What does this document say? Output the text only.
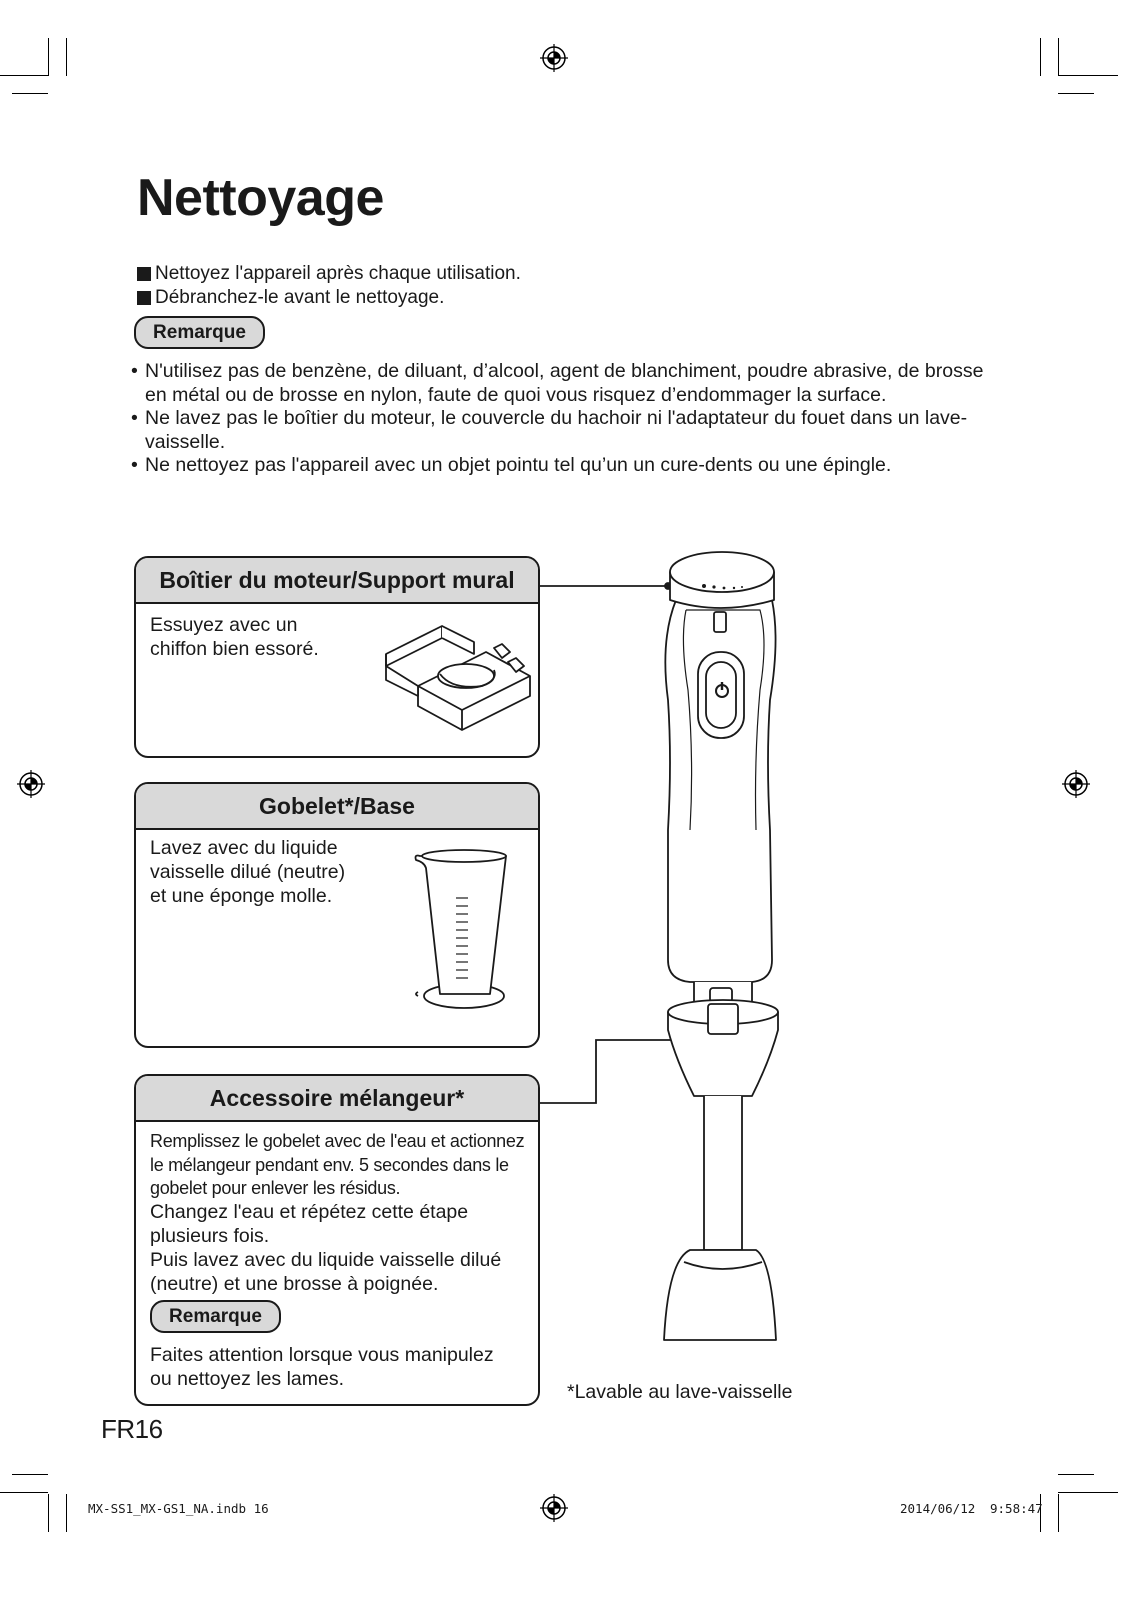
Nettoyage
Nettoyez l'appareil après chaque utilisation.
Débranchez-le avant le nettoyage.
Remarque
• N'utilisez pas de benzène, de diluant, d’alcool, agent de blanchiment, poudre abrasive, de brosse en métal ou de brosse en nylon, faute de quoi vous risquez d’endommager la surface.
• Ne lavez pas le boîtier du moteur, le couvercle du hachoir ni l'adaptateur du fouet dans un lave-vaisselle.
• Ne nettoyez pas l'appareil avec un objet pointu tel qu’un un cure-dents ou une épingle.
Boîtier du moteur/Support mural
Essuyez avec un
chiffon bien essoré.
Gobelet*/Base
Lavez avec du liquide
vaisselle dilué (neutre)
et une éponge molle.
Accessoire mélangeur*
Remplissez le gobelet avec de l'eau et actionnez
le mélangeur pendant env. 5 secondes dans le
gobelet pour enlever les résidus.
Changez l'eau et répétez cette étape
plusieurs fois.
Puis lavez avec du liquide vaisselle dilué
(neutre) et une brosse à poignée.
Remarque
Faites attention lorsque vous manipulez
ou nettoyez les lames.
*Lavable au lave-vaisselle
FR16
MX-SS1_MX-GS1_NA.indb 16	2014/06/12 9:58:47
